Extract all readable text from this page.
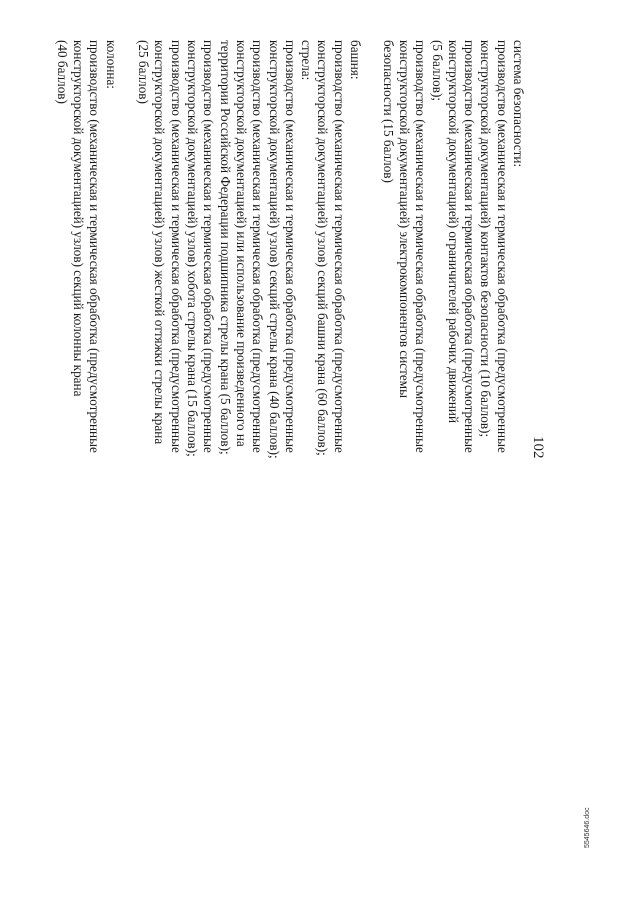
102

система безопасности:

производство (механическая и термическая обработка (предусмотренные

конструкторской документацией) контактов безопасности (10 баллов);

производство (механическая и термическая обработка (предусмотренные

конструкторской документацией) ограничителей рабочих движений

(5 баллов);

производство (механическая и термическая обработка (предусмотренные

конструкторской документацией) электрокомпонентов системы

безопасности (15 баллов)

башня:

производство (механическая и термическая обработка (предусмотренные

конструкторской документацией) узлов) секций башни крана (60 баллов);

стрела:

производство (механическая и термическая обработка (предусмотренные

конструкторской документацией) узлов) секций стрелы крана (40 баллов);

производство (механическая и термическая обработка (предусмотренные

конструкторской документацией) или использование произведенного на

территории Российской Федерации подшипника стрелы крана (5 баллов);

производство (механическая и термическая обработка (предусмотренные

конструкторской документацией) узлов) хобота стрелы крана (15 баллов);

производство (механическая и термическая обработка (предусмотренные

конструкторской документацией) узлов) жесткой оттяжки стрелы крана

(25 баллов)

колонна:

производство (механическая и термическая обработка (предусмотренные

конструкторской документацией) узлов) секций колонны крана

(40 баллов)

5545646.doc
